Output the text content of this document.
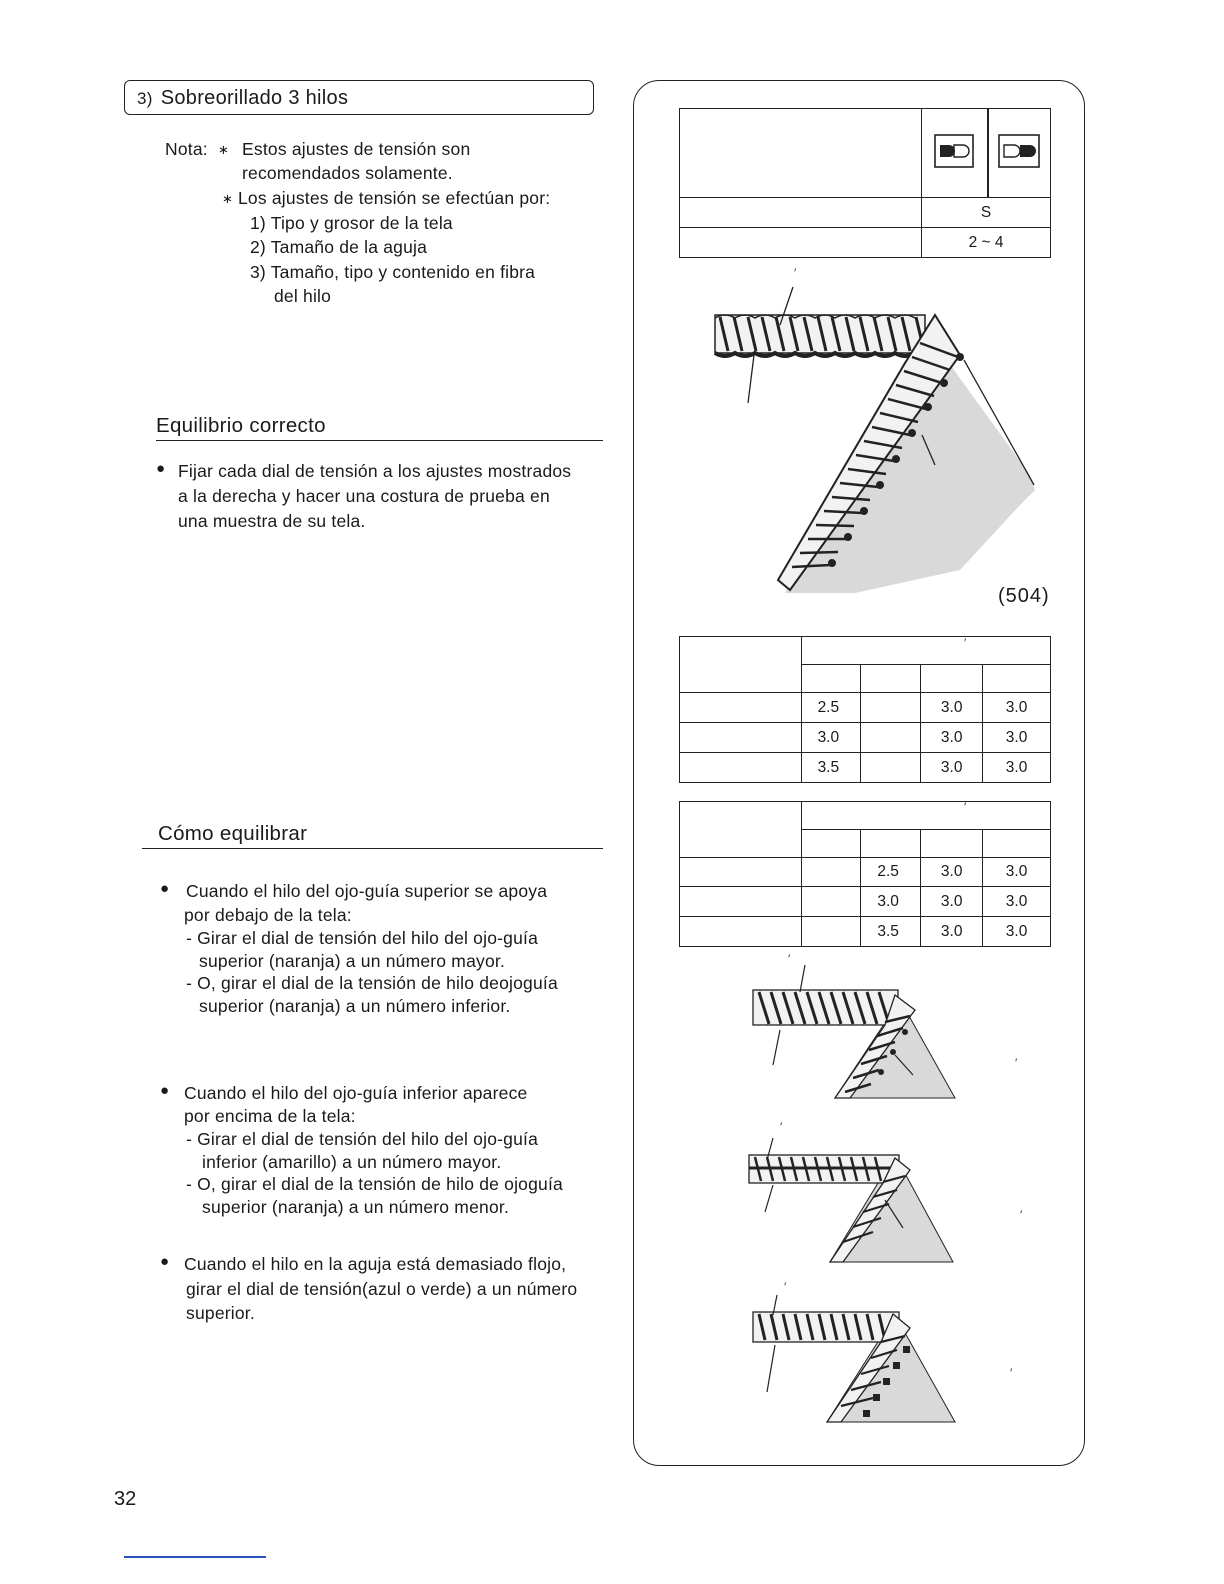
3) Sobreorillado 3 hilos
Nota: ∗ Estos ajustes de tensión son
recomendados solamente.
∗ Los ajustes de tensión se efectúan por:
1) Tipo y grosor de la tela
2) Tamaño de la aguja
3) Tamaño, tipo y contenido en fibra
del hilo
Equilibrio correcto
● Fijar cada dial de tensión a los ajustes mostrados
a la derecha y hacer una costura de prueba en
una muestra de su tela.
Cómo equilibrar
● Cuando el hilo del ojo-guía superior se apoya
por debajo de la tela:
- Girar el dial de tensión del hilo del ojo-guía
superior (naranja) a un número mayor.
- O, girar el dial de la tensión de hilo deojoguía
superior (naranja) a un número inferior.
● Cuando el hilo del ojo-guía inferior aparece
por encima de la tela:
- Girar el dial de tensión del hilo del ojo-guía
inferior (amarillo) a un número mayor.
- O, girar el dial de la tensión de hilo de ojoguía
superior (naranja) a un número menor.
● Cuando el hilo en la aguja está demasiado flojo,
girar el dial de tensión(azul o verde) a un número
superior.

	S	
	2 ~ 4	
′
(504)
′

	2.5		3.0	3.0
	3.0		3.0	3.0
	3.5		3.0	3.0
′

		2.5	3.0	3.0
		3.0	3.0	3.0
		3.5	3.0	3.0
′
′
′
′
′
′
32
